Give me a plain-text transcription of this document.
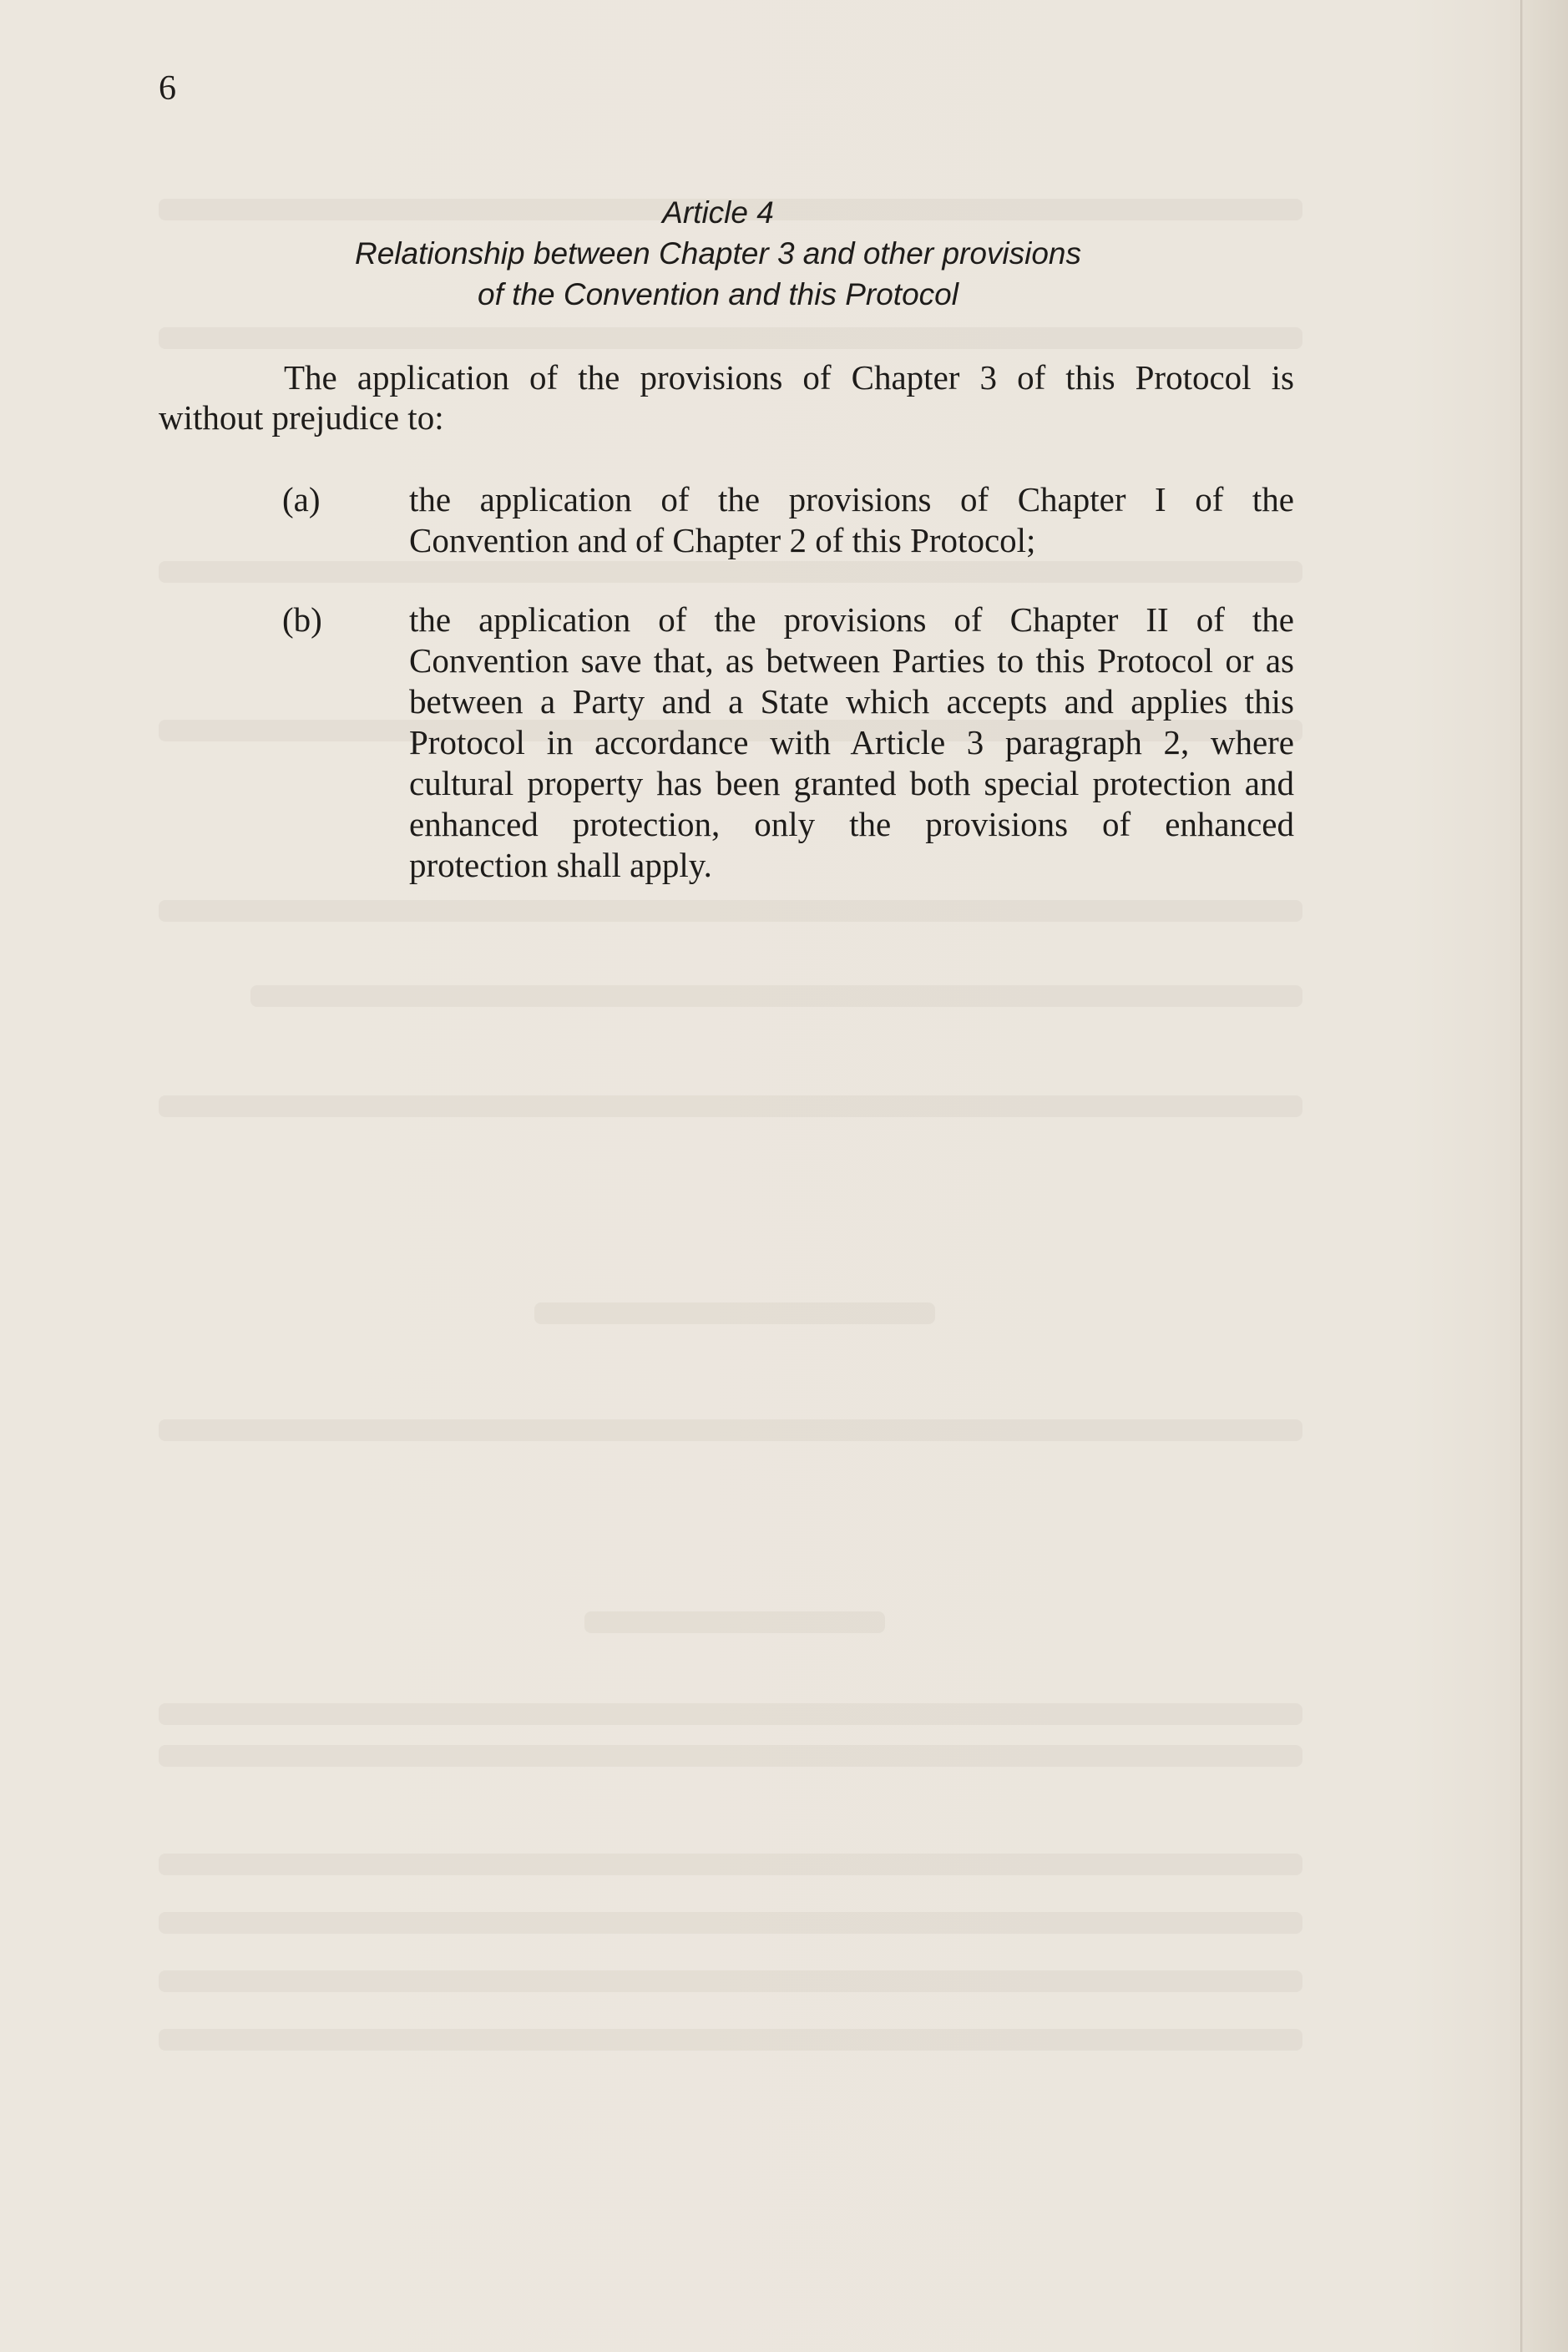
6
Article 4
Relationship between Chapter 3 and other provisions
of the Convention and this Protocol
The application of the provisions of Chapter 3 of this Protocol is
without prejudice to:
(a)	the application of the provisions of Chapter I of the
Convention and of Chapter 2 of this Protocol;
(b)	the application of the provisions of Chapter II of the
Convention save that, as between Parties to this Protocol or as
between a Party and a State which accepts and applies this
Protocol in accordance with Article 3 paragraph 2, where
cultural property has been granted both special protection and
enhanced protection, only the provisions of enhanced
protection shall apply.
